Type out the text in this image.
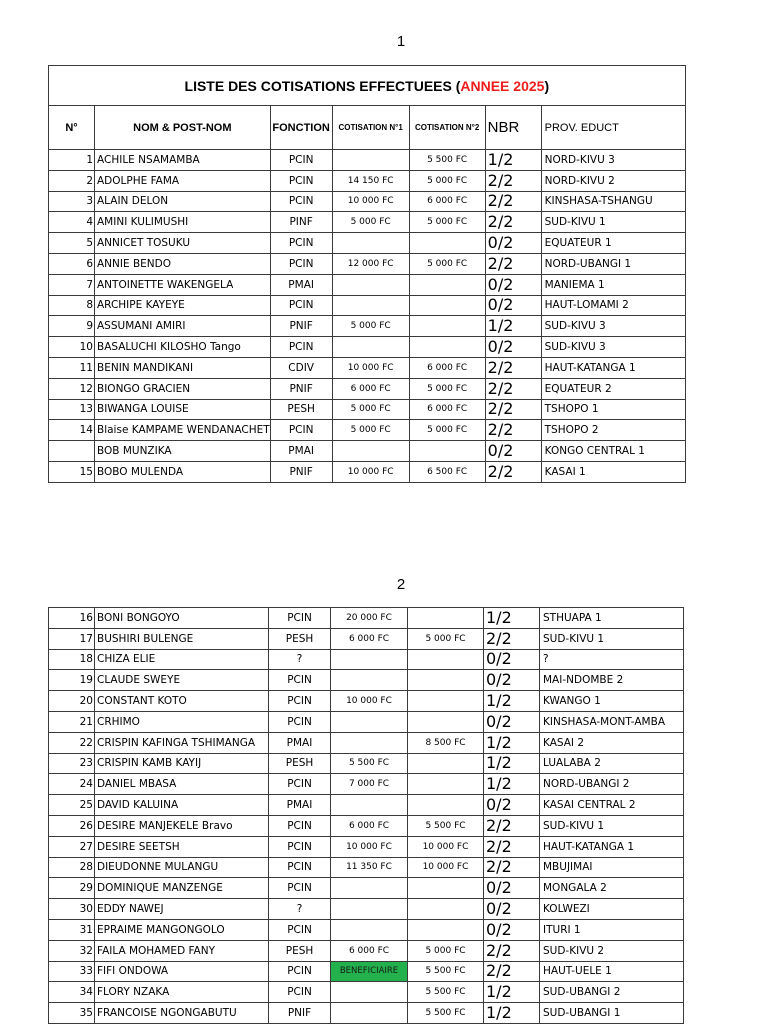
1
LISTE DES COTISATIONS EFFECTUEES (ANNEE 2025)						
N°	NOM & POST-NOM	FONCTION	COTISATION N°1	COTISATION N°2	NBR	PROV. EDUCT
1	ACHILE NSAMAMBA	PCIN		5 500 FC	1/2	NORD-KIVU 3
2	ADOLPHE FAMA	PCIN	14 150 FC	5 000 FC	2/2	NORD-KIVU 2
3	ALAIN DELON	PCIN	10 000 FC	6 000 FC	2/2	KINSHASA-TSHANGU
4	AMINI KULIMUSHI	PINF	5 000 FC	5 000 FC	2/2	SUD-KIVU 1
5	ANNICET TOSUKU	PCIN			0/2	EQUATEUR 1
6	ANNIE BENDO	PCIN	12 000 FC	5 000 FC	2/2	NORD-UBANGI 1
7	ANTOINETTE WAKENGELA	PMAI			0/2	MANIEMA 1
8	ARCHIPE KAYEYE	PCIN			0/2	HAUT-LOMAMI 2
9	ASSUMANI AMIRI	PNIF	5 000 FC		1/2	SUD-KIVU 3
10	BASALUCHI KILOSHO Tango	PCIN			0/2	SUD-KIVU 3
11	BENIN MANDIKANI	CDIV	10 000 FC	6 000 FC	2/2	HAUT-KATANGA 1
12	BIONGO GRACIEN	PNIF	6 000 FC	5 000 FC	2/2	EQUATEUR 2
13	BIWANGA LOUISE	PESH	5 000 FC	6 000 FC	2/2	TSHOPO 1
14	Blaise KAMPAME WENDANACHET	PCIN	5 000 FC	5 000 FC	2/2	TSHOPO 2
	BOB MUNZIKA	PMAI			0/2	KONGO CENTRAL 1
15	BOBO MULENDA	PNIF	10 000 FC	6 500 FC	2/2	KASAI 1
2
16	BONI BONGOYO	PCIN	20 000 FC		1/2	STHUAPA 1
17	BUSHIRI BULENGE	PESH	6 000 FC	5 000 FC	2/2	SUD-KIVU 1
18	CHIZA ELIE	?			0/2	?
19	CLAUDE SWEYE	PCIN			0/2	MAI-NDOMBE 2
20	CONSTANT KOTO	PCIN	10 000 FC		1/2	KWANGO 1
21	CRHIMO	PCIN			0/2	KINSHASA-MONT-AMBA
22	CRISPIN KAFINGA TSHIMANGA	PMAI		8 500 FC	1/2	KASAI 2
23	CRISPIN KAMB KAYIJ	PESH	5 500 FC		1/2	LUALABA 2
24	DANIEL MBASA	PCIN	7 000 FC		1/2	NORD-UBANGI 2
25	DAVID KALUINA	PMAI			0/2	KASAI CENTRAL 2
26	DESIRE MANJEKELE Bravo	PCIN	6 000 FC	5 500 FC	2/2	SUD-KIVU 1
27	DESIRE SEETSH	PCIN	10 000 FC	10 000 FC	2/2	HAUT-KATANGA 1
28	DIEUDONNE MULANGU	PCIN	11 350 FC	10 000 FC	2/2	MBUJIMAI
29	DOMINIQUE MANZENGE	PCIN			0/2	MONGALA 2
30	EDDY NAWEJ	?			0/2	KOLWEZI
31	EPRAIME MANGONGOLO	PCIN			0/2	ITURI 1
32	FAILA MOHAMED FANY	PESH	6 000 FC	5 000 FC	2/2	SUD-KIVU 2
33	FIFI ONDOWA	PCIN	BENEFICIAIRE	5 500 FC	2/2	HAUT-UELE 1
34	FLORY NZAKA	PCIN		5 500 FC	1/2	SUD-UBANGI 2
35	FRANCOISE NGONGABUTU	PNIF		5 500 FC	1/2	SUD-UBANGI 1
